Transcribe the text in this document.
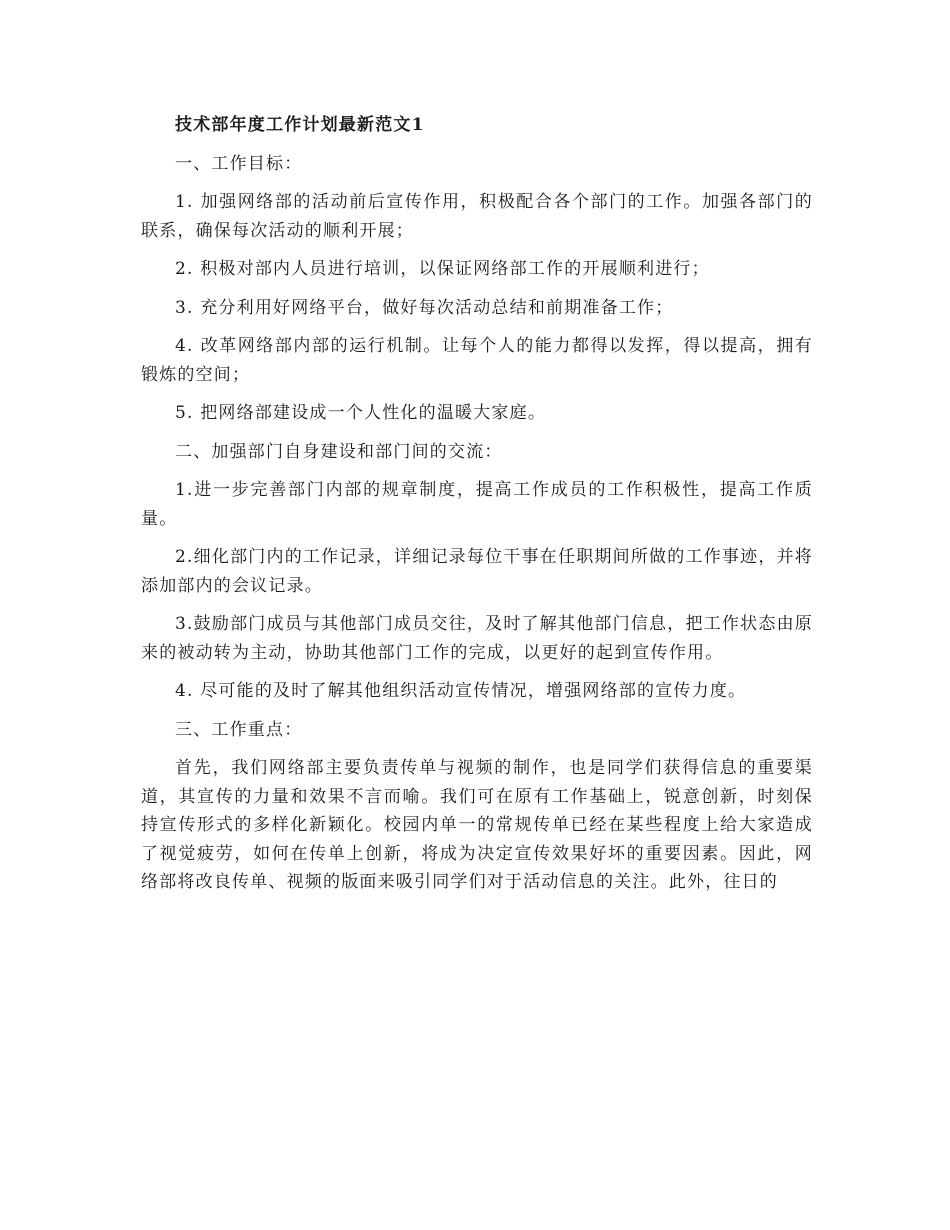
技术部年度工作计划最新范文1

一、工作目标：

1. 加强网络部的活动前后宣传作用，积极配合各个部门的工作。加强各部门的联系，确保每次活动的顺利开展；

2. 积极对部内人员进行培训，以保证网络部工作的开展顺利进行；

3. 充分利用好网络平台，做好每次活动总结和前期准备工作；

4. 改革网络部内部的运行机制。让每个人的能力都得以发挥，得以提高，拥有锻炼的空间；

5. 把网络部建设成一个人性化的温暖大家庭。

二、加强部门自身建设和部门间的交流：

1.进一步完善部门内部的规章制度，提高工作成员的工作积极性，提高工作质量。

2.细化部门内的工作记录，详细记录每位干事在任职期间所做的工作事迹，并将添加部内的会议记录。

3.鼓励部门成员与其他部门成员交往，及时了解其他部门信息，把工作状态由原来的被动转为主动，协助其他部门工作的完成，以更好的起到宣传作用。

4. 尽可能的及时了解其他组织活动宣传情况，增强网络部的宣传力度。

三、工作重点：

首先，我们网络部主要负责传单与视频的制作，也是同学们获得信息的重要渠道，其宣传的力量和效果不言而喻。我们可在原有工作基础上，锐意创新，时刻保持宣传形式的多样化新颖化。校园内单一的常规传单已经在某些程度上给大家造成了视觉疲劳，如何在传单上创新，将成为决定宣传效果好坏的重要因素。因此，网络部将改良传单、视频的版面来吸引同学们对于活动信息的关注。此外，往日的
